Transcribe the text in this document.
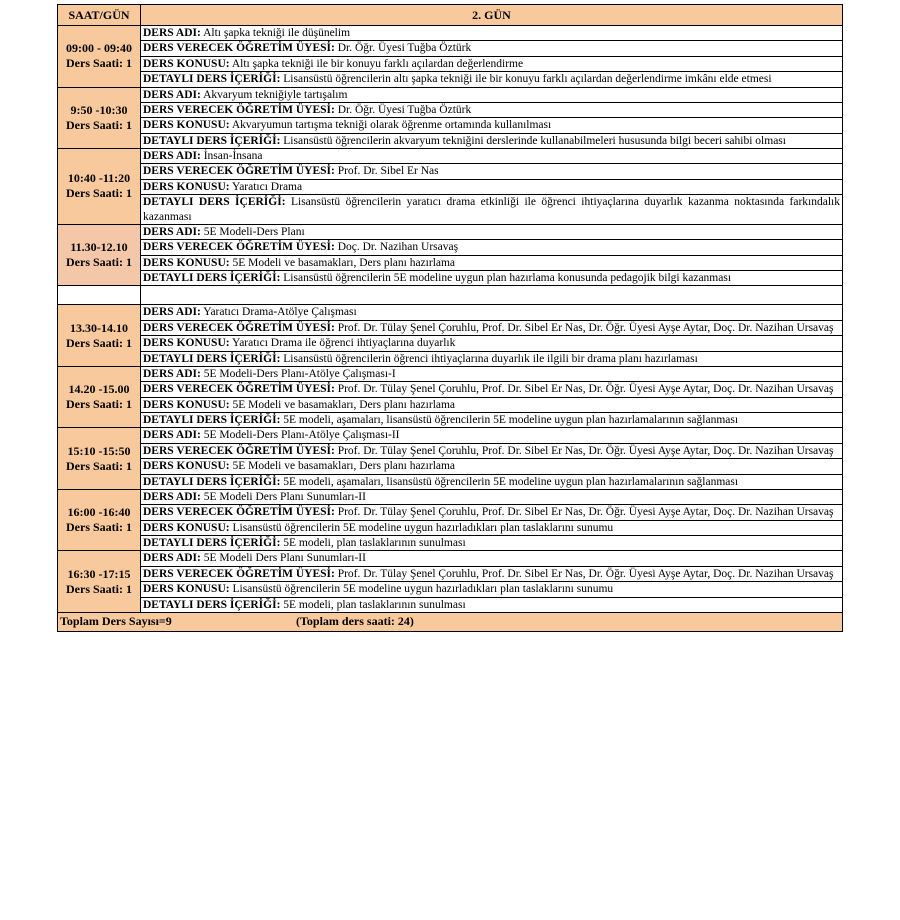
SAAT/GÜN	2. GÜN

09:00 - 09:40
Ders Saati: 1	DERS ADI: Altı şapka tekniği ile düşünelim
	DERS VERECEK ÖĞRETİM ÜYESİ: Dr. Öğr. Üyesi Tuğba Öztürk
	DERS KONUSU: Altı şapka tekniği ile bir konuyu farklı açılardan değerlendirme
	DETAYLI DERS İÇERİĞİ: Lisansüstü öğrencilerin altı şapka tekniği ile bir konuyu farklı açılardan değerlendirme imkânı elde etmesi

9:50 -10:30
Ders Saati: 1	DERS ADI: Akvaryum tekniğiyle tartışalım
	DERS VERECEK ÖĞRETİM ÜYESİ: Dr. Öğr. Üyesi Tuğba Öztürk
	DERS KONUSU: Akvaryumun tartışma tekniği olarak öğrenme ortamında kullanılması
	DETAYLI DERS İÇERİĞİ: Lisansüstü öğrencilerin akvaryum tekniğini derslerinde kullanabilmeleri hususunda bilgi beceri sahibi olması

10:40 -11:20
Ders Saati: 1	DERS ADI: İnsan-İnsana
	DERS VERECEK ÖĞRETİM ÜYESİ: Prof. Dr. Sibel Er Nas
	DERS KONUSU: Yaratıcı Drama
	DETAYLI DERS İÇERİĞİ: Lisansüstü öğrencilerin yaratıcı drama etkinliği ile öğrenci ihtiyaçlarına duyarlık kazanma noktasında farkındalık kazanması

11.30-12.10
Ders Saati: 1	DERS ADI: 5E Modeli-Ders Planı
	DERS VERECEK ÖĞRETİM ÜYESİ: Doç. Dr. Nazihan Ursavaş
	DERS KONUSU: 5E Modeli ve basamakları, Ders planı hazırlama
	DETAYLI DERS İÇERİĞİ: Lisansüstü öğrencilerin 5E modeline uygun plan hazırlama konusunda pedagojik bilgi kazanması

13.30-14.10
Ders Saati: 1	DERS ADI: Yaratıcı Drama-Atölye Çalışması
	DERS VERECEK ÖĞRETİM ÜYESİ: Prof. Dr. Tülay Şenel Çoruhlu, Prof. Dr. Sibel Er Nas, Dr. Öğr. Üyesi Ayşe Aytar, Doç. Dr. Nazihan Ursavaş
	DERS KONUSU: Yaratıcı Drama ile öğrenci ihtiyaçlarına duyarlık
	DETAYLI DERS İÇERİĞİ: Lisansüstü öğrencilerin öğrenci ihtiyaçlarına duyarlık ile ilgili bir drama planı hazırlaması

14.20 -15.00
Ders Saati: 1	DERS ADI: 5E Modeli-Ders Planı-Atölye Çalışması-I
	DERS VERECEK ÖĞRETİM ÜYESİ: Prof. Dr. Tülay Şenel Çoruhlu, Prof. Dr. Sibel Er Nas, Dr. Öğr. Üyesi Ayşe Aytar, Doç. Dr. Nazihan Ursavaş
	DERS KONUSU: 5E Modeli ve basamakları, Ders planı hazırlama
	DETAYLI DERS İÇERİĞİ: 5E modeli, aşamaları, lisansüstü öğrencilerin 5E modeline uygun plan hazırlamalarının sağlanması

15:10 -15:50
Ders Saati: 1	DERS ADI: 5E Modeli-Ders Planı-Atölye Çalışması-II
	DERS VERECEK ÖĞRETİM ÜYESİ: Prof. Dr. Tülay Şenel Çoruhlu, Prof. Dr. Sibel Er Nas, Dr. Öğr. Üyesi Ayşe Aytar, Doç. Dr. Nazihan Ursavaş
	DERS KONUSU: 5E Modeli ve basamakları, Ders planı hazırlama
	DETAYLI DERS İÇERİĞİ: 5E modeli, aşamaları, lisansüstü öğrencilerin 5E modeline uygun plan hazırlamalarının sağlanması

16:00 -16:40
Ders Saati: 1	DERS ADI: 5E Modeli Ders Planı Sunumları-II
	DERS VERECEK ÖĞRETİM ÜYESİ: Prof. Dr. Tülay Şenel Çoruhlu, Prof. Dr. Sibel Er Nas, Dr. Öğr. Üyesi Ayşe Aytar, Doç. Dr. Nazihan Ursavaş
	DERS KONUSU: Lisansüstü öğrencilerin 5E modeline uygun hazırladıkları plan taslaklarını sunumu
	DETAYLI DERS İÇERİĞİ: 5E modeli, plan taslaklarının sunulması

16:30 -17:15
Ders Saati: 1	DERS ADI: 5E Modeli Ders Planı Sunumları-II
	DERS VERECEK ÖĞRETİM ÜYESİ: Prof. Dr. Tülay Şenel Çoruhlu, Prof. Dr. Sibel Er Nas, Dr. Öğr. Üyesi Ayşe Aytar, Doç. Dr. Nazihan Ursavaş
	DERS KONUSU: Lisansüstü öğrencilerin 5E modeline uygun hazırladıkları plan taslaklarını sunumu
	DETAYLI DERS İÇERİĞİ: 5E modeli, plan taslaklarının sunulması
Toplam Ders Sayısı=9 (Toplam ders saati: 24)	
